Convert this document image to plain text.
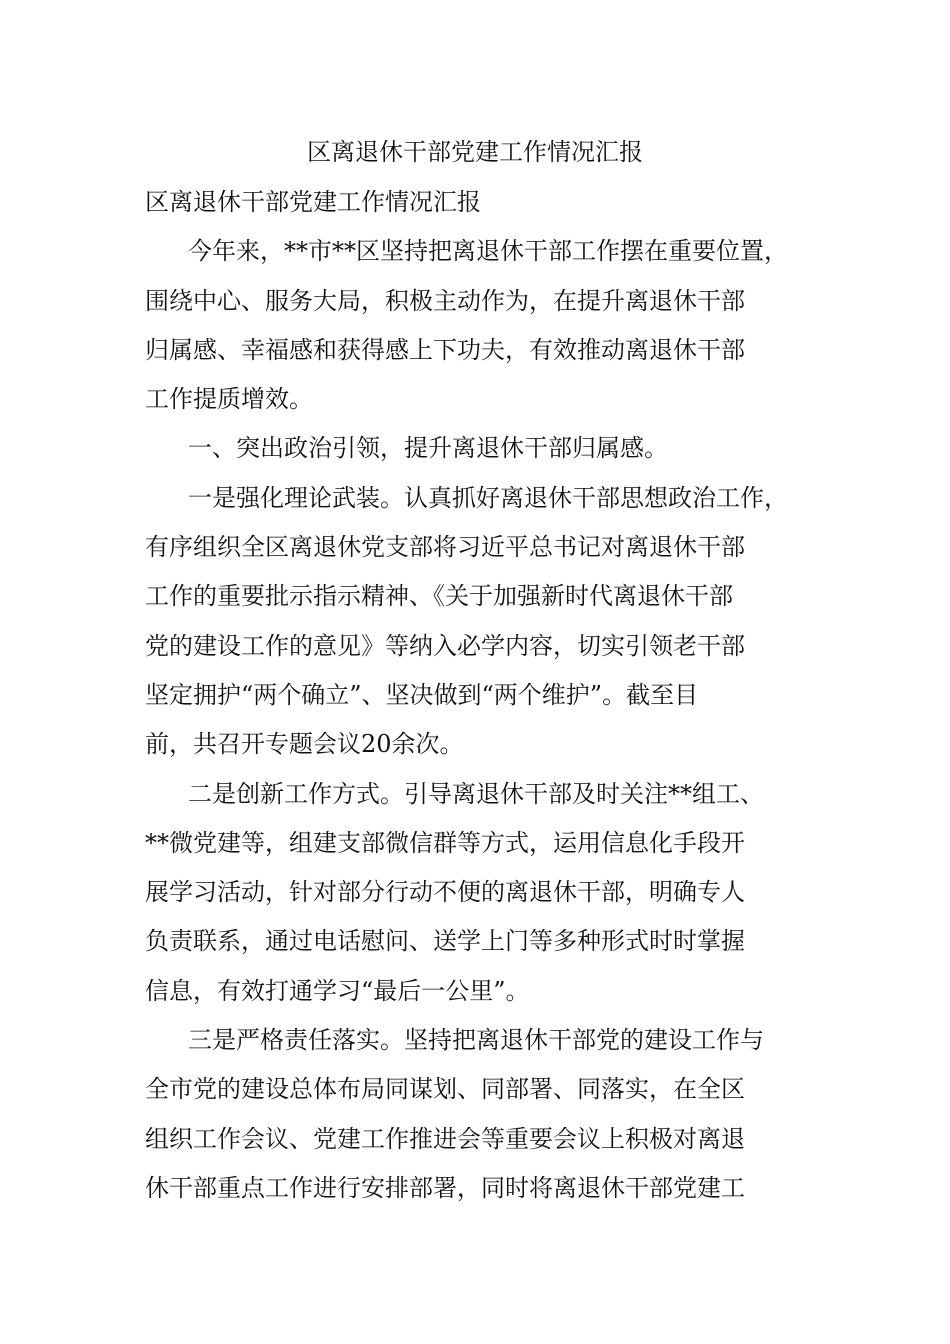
区离退休干部党建工作情况汇报

区离退休干部党建工作情况汇报

今年来，**市**区坚持把离退休干部工作摆在重要位置，

围绕中心、服务大局，积极主动作为，在提升离退休干部

归属感、幸福感和获得感上下功夫，有效推动离退休干部

工作提质增效。

一、突出政治引领，提升离退休干部归属感。

一是强化理论武装。认真抓好离退休干部思想政治工作，

有序组织全区离退休党支部将习近平总书记对离退休干部

工作的重要批示指示精神、《关于加强新时代离退休干部

党的建设工作的意见》等纳入必学内容，切实引领老干部

坚定拥护“两个确立”、坚决做到“两个维护”。截至目

前，共召开专题会议20余次。

二是创新工作方式。引导离退休干部及时关注**组工、

**微党建等，组建支部微信群等方式，运用信息化手段开

展学习活动，针对部分行动不便的离退休干部，明确专人

负责联系，通过电话慰问、送学上门等多种形式时时掌握

信息，有效打通学习“最后一公里”。

三是严格责任落实。坚持把离退休干部党的建设工作与

全市党的建设总体布局同谋划、同部署、同落实，在全区

组织工作会议、党建工作推进会等重要会议上积极对离退

休干部重点工作进行安排部署，同时将离退休干部党建工
